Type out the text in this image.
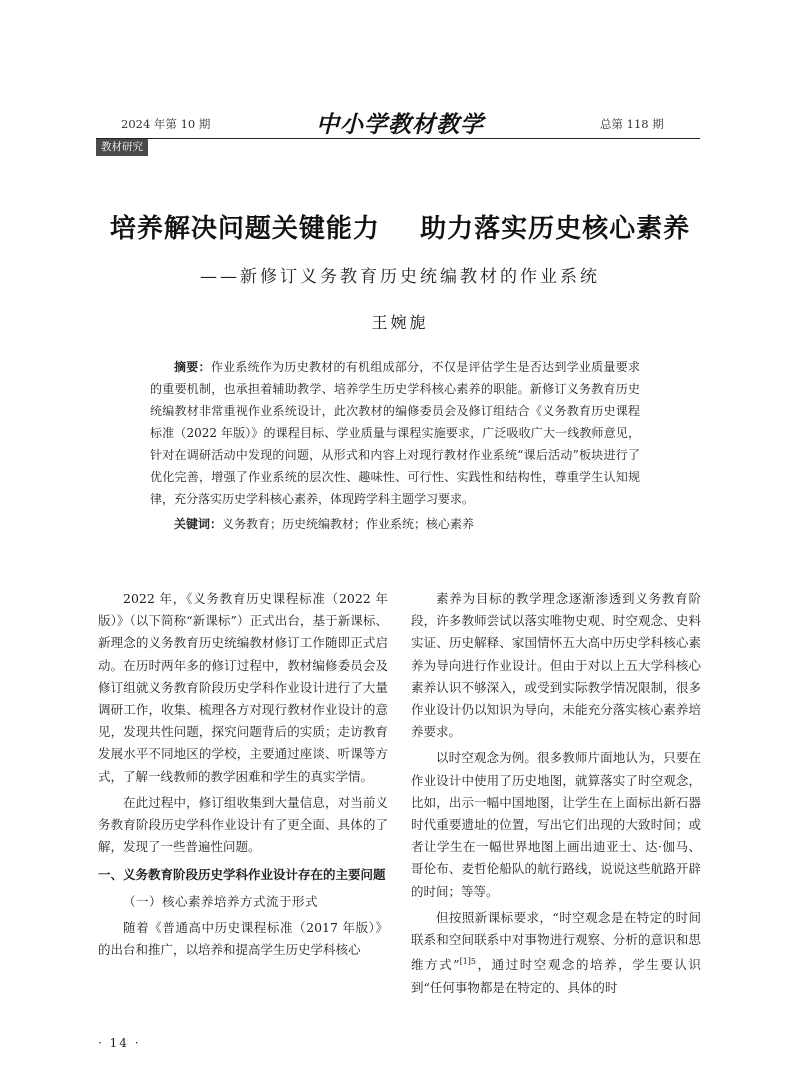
2024 年第 10 期	中小学教材教学	总第 118 期
教材研究
培养解决问题关键能力    助力落实历史核心素养
——新修订义务教育历史统编教材的作业系统
王婉旎

摘要：作业系统作为历史教材的有机组成部分，不仅是评估学生是否达到学业质量要求的重要机制，也承担着辅助教学、培养学生历史学科核心素养的职能。新修订义务教育历史统编教材非常重视作业系统设计，此次教材的编修委员会及修订组结合《义务教育历史课程标准（2022 年版）》的课程目标、学业质量与课程实施要求，广泛吸收广大一线教师意见，针对在调研活动中发现的问题，从形式和内容上对现行教材作业系统“课后活动”板块进行了优化完善，增强了作业系统的层次性、趣味性、可行性、实践性和结构性，尊重学生认知规律，充分落实历史学科核心素养，体现跨学科主题学习要求。

关键词：义务教育；历史统编教材；作业系统；核心素养

2022 年，《义务教育历史课程标准（2022 年版）》（以下简称“新课标”）正式出台，基于新课标、新理念的义务教育历史统编教材修订工作随即正式启动。在历时两年多的修订过程中，教材编修委员会及修订组就义务教育阶段历史学科作业设计进行了大量调研工作，收集、梳理各方对现行教材作业设计的意见，发现共性问题，探究问题背后的实质；走访教育发展水平不同地区的学校，主要通过座谈、听课等方式，了解一线教师的教学困难和学生的真实学情。

在此过程中，修订组收集到大量信息，对当前义务教育阶段历史学科作业设计有了更全面、具体的了解，发现了一些普遍性问题。

一、义务教育阶段历史学科作业设计存在的主要问题

（一）核心素养培养方式流于形式

随着《普通高中历史课程标准（2017 年版）》的出台和推广，以培养和提高学生历史学科核心

素养为目标的教学理念逐渐渗透到义务教育阶段，许多教师尝试以落实唯物史观、时空观念、史料实证、历史解释、家国情怀五大高中历史学科核心素养为导向进行作业设计。但由于对以上五大学科核心素养认识不够深入，或受到实际教学情况限制，很多作业设计仍以知识为导向，未能充分落实核心素养培养要求。

以时空观念为例。很多教师片面地认为，只要在作业设计中使用了历史地图，就算落实了时空观念，比如，出示一幅中国地图，让学生在上面标出新石器时代重要遗址的位置，写出它们出现的大致时间；或者让学生在一幅世界地图上画出迪亚士、达·伽马、哥伦布、麦哲伦船队的航行路线，说说这些航路开辟的时间；等等。

但按照新课标要求，“时空观念是在特定的时间联系和空间联系中对事物进行观察、分析的意识和思维方式”$^{[1]5}$，通过时空观念的培养，学生要认识到“任何事物都是在特定的、具体的时

· 14 ·
